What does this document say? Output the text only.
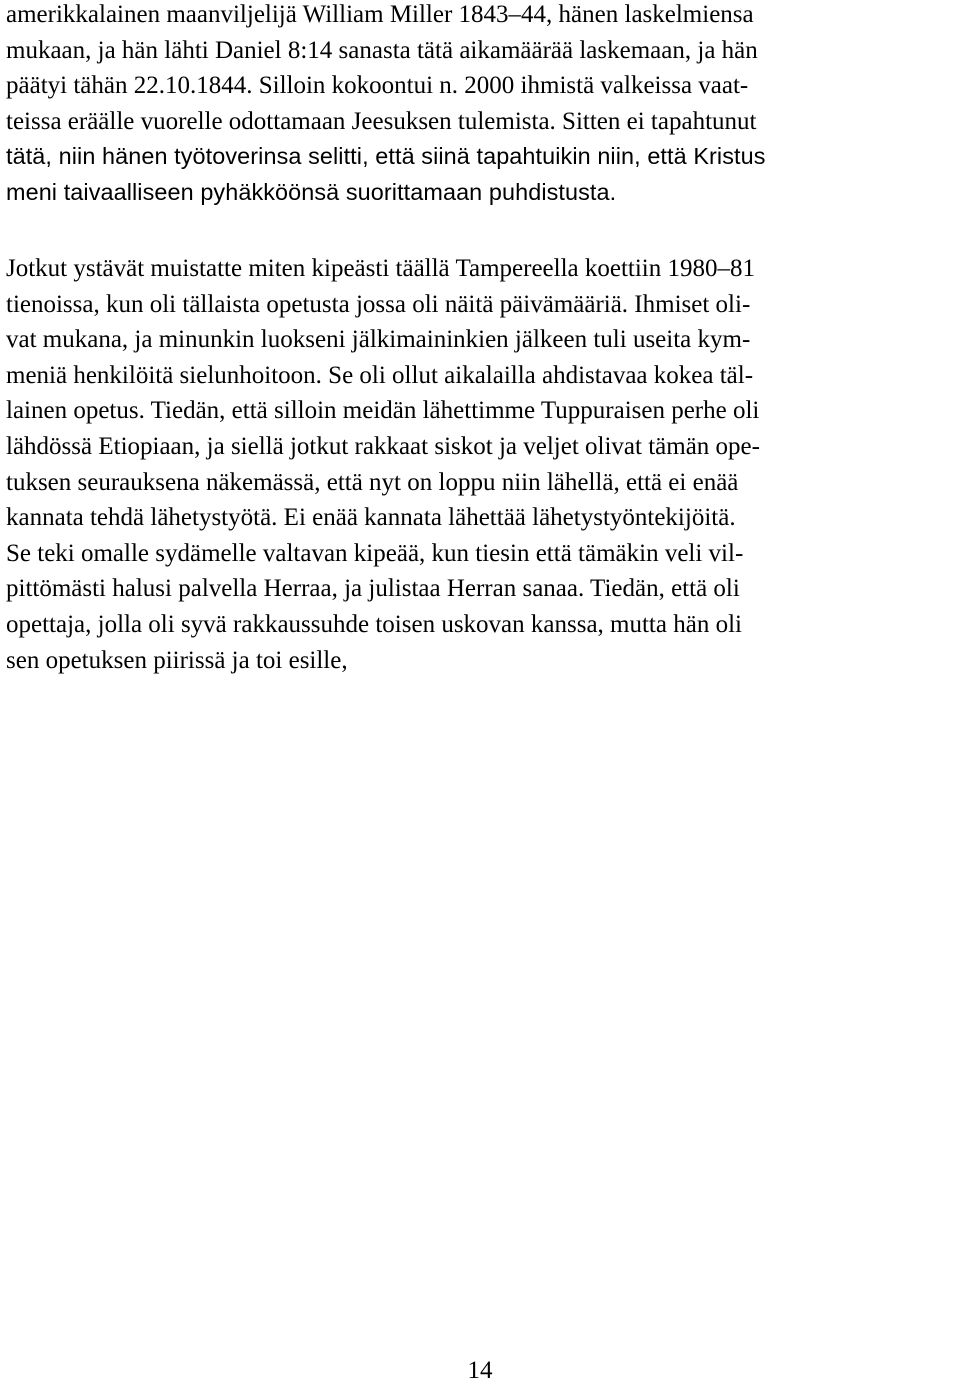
amerikkalainen maanviljelijä William Miller 1843–44, hänen laskelmiensa
mukaan, ja hän lähti Daniel 8:14 sanasta tätä aikamäärää laskemaan, ja hän
päätyi tähän 22.10.1844. Silloin kokoontui n. 2000 ihmistä valkeissa vaat-
teissa eräälle vuorelle odottamaan Jeesuksen tulemista. Sitten ei tapahtunut
tätä, niin hänen työtoverinsa selitti, että siinä tapahtuikin niin, että Kristus
meni taivaalliseen pyhäkköönsä suorittamaan puhdistusta.

Jotkut ystävät muistatte miten kipeästi täällä Tampereella koettiin 1980–81
tienoissa, kun oli tällaista opetusta jossa oli näitä päivämääriä. Ihmiset oli-
vat mukana, ja minunkin luokseni jälkimaininkien jälkeen tuli useita kym-
meniä henkilöitä sielunhoitoon. Se oli ollut aikalailla ahdistavaa kokea täl-
lainen opetus. Tiedän, että silloin meidän lähettimme Tuppuraisen perhe oli
lähdössä Etiopiaan, ja siellä jotkut rakkaat siskot ja veljet olivat tämän ope-
tuksen seurauksena näkemässä, että nyt on loppu niin lähellä, että ei enää
kannata tehdä lähetystyötä. Ei enää kannata lähettää lähetystyöntekijöitä.
Se teki omalle sydämelle valtavan kipeää, kun tiesin että tämäkin veli vil-
pittömästi halusi palvella Herraa, ja julistaa Herran sanaa. Tiedän, että oli
opettaja, jolla oli syvä rakkaussuhde toisen uskovan kanssa, mutta hän oli
sen opetuksen piirissä ja toi esille,

14
